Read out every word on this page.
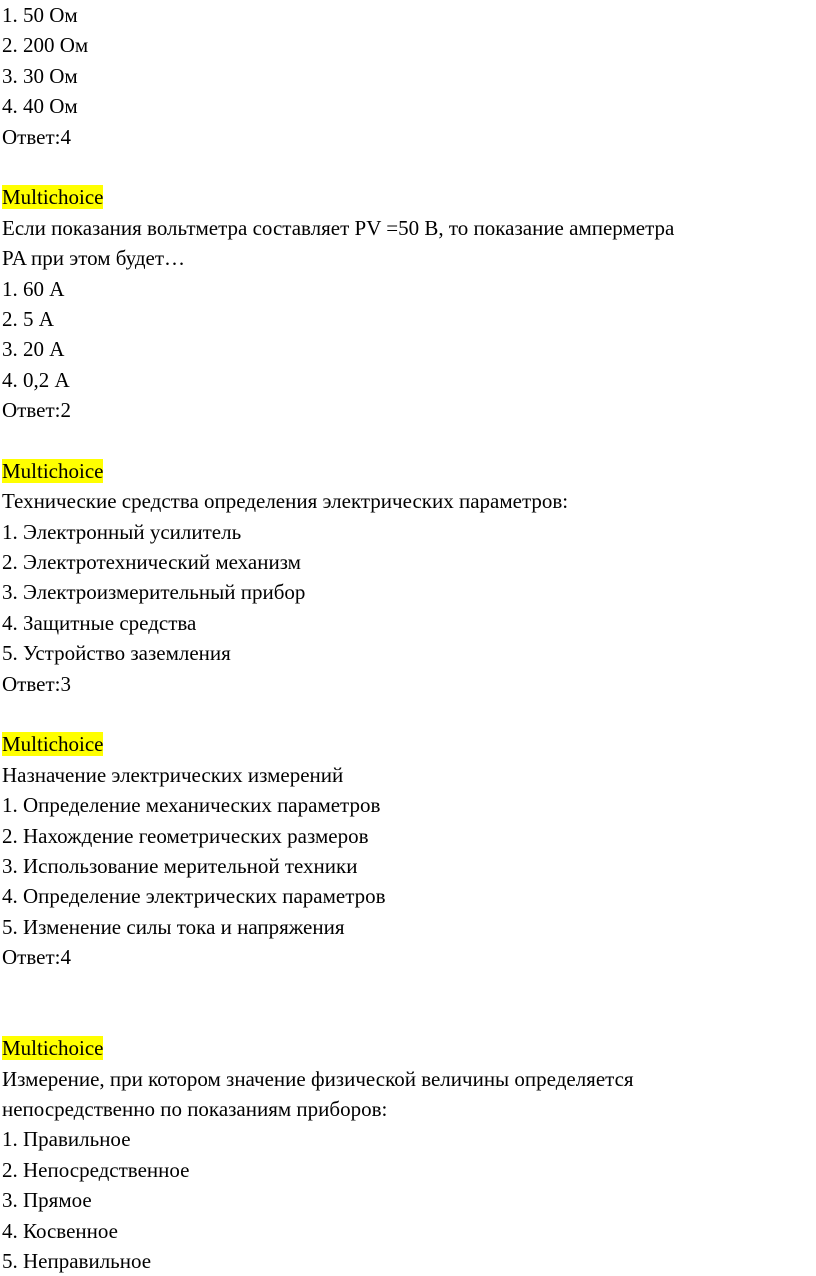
1. 50 Ом
2. 200 Ом
3. 30 Ом
4. 40 Ом
Ответ:4
Multichoice
Если показания вольтметра составляет PV =50 В, то показание амперметра
PA при этом будет…
1. 60 А
2. 5 А
3. 20 А
4. 0,2 А
Ответ:2
Multichoice
Технические средства определения электрических параметров:
1. Электронный усилитель
2. Электротехнический механизм
3. Электроизмерительный прибор
4. Защитные средства
5. Устройство заземления
Ответ:3
Multichoice
Назначение электрических измерений
1. Определение механических параметров
2. Нахождение геометрических размеров
3. Использование мерительной техники
4. Определение электрических параметров
5. Изменение силы тока и напряжения
Ответ:4
Multichoice
Измерение, при котором значение физической величины определяется
непосредственно по показаниям приборов:
1. Правильное
2. Непосредственное
3. Прямое
4. Косвенное
5. Неправильное
